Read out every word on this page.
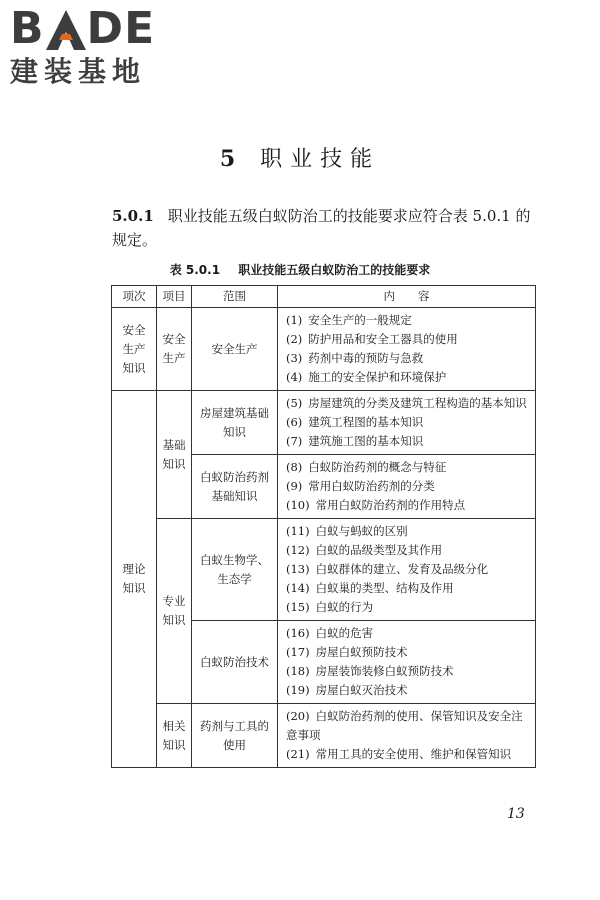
B DE
建装基地
5 职业技能
5.0.1 职业技能五级白蚁防治工的技能要求应符合表 5.0.1 的规定。
表 5.0.1 职业技能五级白蚁防治工的技能要求
项次	项目	范围	内　　容
安全生产知识	安全生产	安全生产	(1) 安全生产的一般规定
(2) 防护用品和安全工器具的使用
(3) 药剂中毒的预防与急救
(4) 施工的安全保护和环境保护

理论知识	基础知识	房屋建筑基础知识	(5) 房屋建筑的分类及建筑工程构造的基本知识
(6) 建筑工程图的基本知识
(7) 建筑施工图的基本知识

		白蚁防治药剂基础知识	(8) 白蚁防治药剂的概念与特征
(9) 常用白蚁防治药剂的分类
(10) 常用白蚁防治药剂的作用特点

	专业知识	白蚁生物学、生态学	(11) 白蚁与蚂蚁的区别
(12) 白蚁的品级类型及其作用
(13) 白蚁群体的建立、发育及品级分化
(14) 白蚁巢的类型、结构及作用
(15) 白蚁的行为

		白蚁防治技术	(16) 白蚁的危害
(17) 房屋白蚁预防技术
(18) 房屋装饰装修白蚁预防技术
(19) 房屋白蚁灭治技术

	相关知识	药剂与工具的使用	(20) 白蚁防治药剂的使用、保管知识及安全注意事项
(21) 常用工具的安全使用、维护和保管知识
13
